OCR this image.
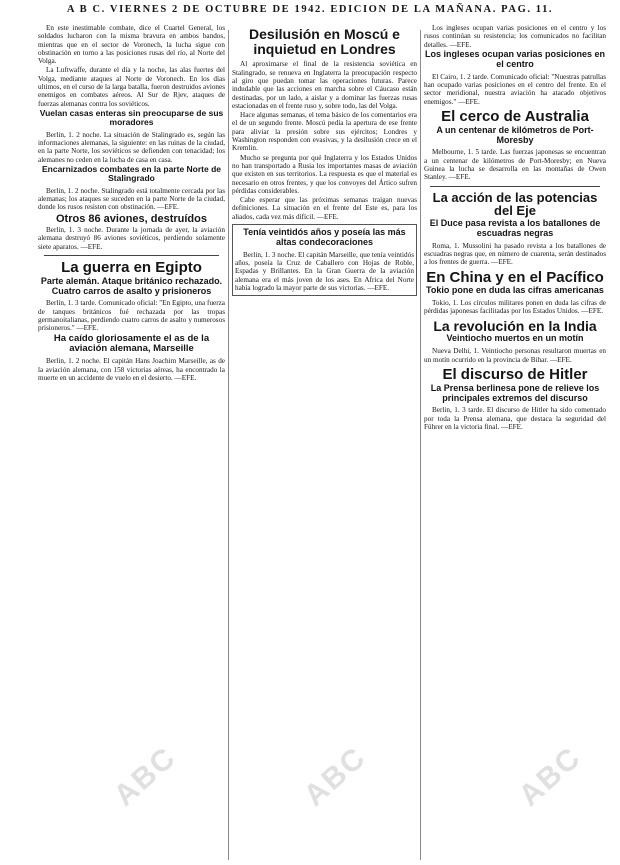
A B C. VIERNES 2 DE OCTUBRE DE 1942. EDICION DE LA MAÑANA. PAG. 11.

En este inestimable combate, dice el Cuartel General, los soldados lucharon con la misma bravura en ambos bandos, mientras que en el sector de Voronech, la lucha sigue con obstinación en torno a las posiciones rusas del río, al Norte del Volga.

La Luftwaffe, durante el día y la noche, las alas fuertes del Volga, mediante ataques al Norte de Voronech. En los días ultimos, en el curso de la larga batalla, fueron destruidos aviones enemigos en combates aéreos. Al Sur de Rjev, ataques de fuerzas alemanas contra los soviéticos.

Vuelan casas enteras sin preocuparse de sus moradores

Berlin, 1. 2 noche. La situación de Stalingrado es, según las informaciones alemanas, la siguiente: en las ruinas de la ciudad, en la parte Norte, los soviéticos se defienden con tenacidad; los alemanes no ceden en la lucha de casa en casa.

Encarnizados combates en la parte Norte de Stalingrado

Berlin, 1. 2 noche. Stalingrado está totalmente cercada por las alemanas; los ataques se suceden en la parte Norte de la ciudad, donde los rusos resisten con obstinación. —EFE.

Otros 86 aviones, destruídos

Berlin, 1. 3 noche. Durante la jornada de ayer, la aviación alemana destruyó 86 aviones soviéticos, perdiendo solamente siete aparatos. —EFE.

La guerra en Egipto
Parte alemán. Ataque británico rechazado. Cuatro carros de asalto y prisioneros

Berlín, 1. 3 tarde. Comunicado oficial: "En Egipto, una fuerza de tanques británicos fué rechazada por las tropas germanoitalianas, perdiendo cuatro carros de asalto y numerosos prisioneros." —EFE.

Ha caído gloriosamente el as de la aviación alemana, Marseille

Berlin, 1. 2 noche. El capitán Hans Joachim Marseille, as de la aviación alemana, con 158 victorias aéreas, ha encontrado la muerte en un accidente de vuelo en el desierto. —EFE.

Desilusión en Moscú e inquietud en Londres

Al aproximarse el final de la resistencia soviética en Stalingrado, se renueva en Inglaterra la preocupación respecto al giro que puedan tomar las operaciones futuras. Parece indudable que las acciones en marcha sobre el Cáucaso están destinadas, por un lado, a aislar y a dominar las fuerzas rusas estacionadas en el frente ruso y, sobre todo, las del Volga.

Hace algunas semanas, el tema básico de los comentarios era el de un segundo frente. Moscú pedía la apertura de ese frente para aliviar la presión sobre sus ejércitos; Londres y Washington responden con evasivas, y la desilusión crece en el Kremlin.

Mucho se pregunta por qué Inglaterra y los Estados Unidos no han transportado a Rusia los importantes masas de aviación que existen en sus territorios. La respuesta es que el material es necesario en otros frentes, y que los convoyes del Ártico sufren pérdidas considerables.

Cabe esperar que las próximas semanas traigan nuevas definiciones. La situación en el frente del Este es, para los aliados, cada vez más difícil. —EFE.

Tenía veintidós años y poseía las más altas condecoraciones

Berlin, 1. 3 noche. El capitán Marseille, que tenía veintidós años, poseía la Cruz de Caballero con Hojas de Roble, Espadas y Brillantes. En la Gran Guerra de la aviación alemana era el más joven de los ases. En Africa del Norte había logrado la mayor parte de sus victorias. —EFE.

Los ingleses ocupan varias posiciones en el centro y los rusos continúan su resistencia; los comunicados no facilitan detalles. —EFE.

Los ingleses ocupan varias posiciones en el centro

El Cairo, 1. 2 tarde. Comunicado oficial: "Nuestras patrullas han ocupado varias posiciones en el centro del frente. En el sector meridional, nuestra aviación ha atacado objetivos enemigos." —EFE.

El cerco de Australia
A un centenar de kilómetros de Port-Moresby

Melbourne, 1. 5 tarde. Las fuerzas japonesas se encuentran a un centenar de kilómetros de Port-Moresby; en Nueva Guinea la lucha se desarrolla en las montañas de Owen Stanley. —EFE.

La acción de las potencias del Eje
El Duce pasa revista a los batallones de escuadras negras

Roma, 1. Mussolini ha pasado revista a los batallones de escuadras negras que, en número de cuarenta, serán destinados a los frentes de guerra. —EFE.

En China y en el Pacífico
Tokio pone en duda las cifras americanas

Tokio, 1. Los círculos militares ponen en duda las cifras de pérdidas japonesas facilitadas por los Estados Unidos. —EFE.

La revolución en la India
Veintiocho muertos en un motín

Nueva Delhi, 1. Veintiocho personas resultaron muertas en un motín ocurrido en la provincia de Bihar. —EFE.

El discurso de Hitler
La Prensa berlinesa pone de relieve los principales extremos del discurso

Berlin, 1. 3 tarde. El discurso de Hitler ha sido comentado por toda la Prensa alemana, que destaca la seguridad del Führer en la victoria final. —EFE.

ABC	ABC	ABC
